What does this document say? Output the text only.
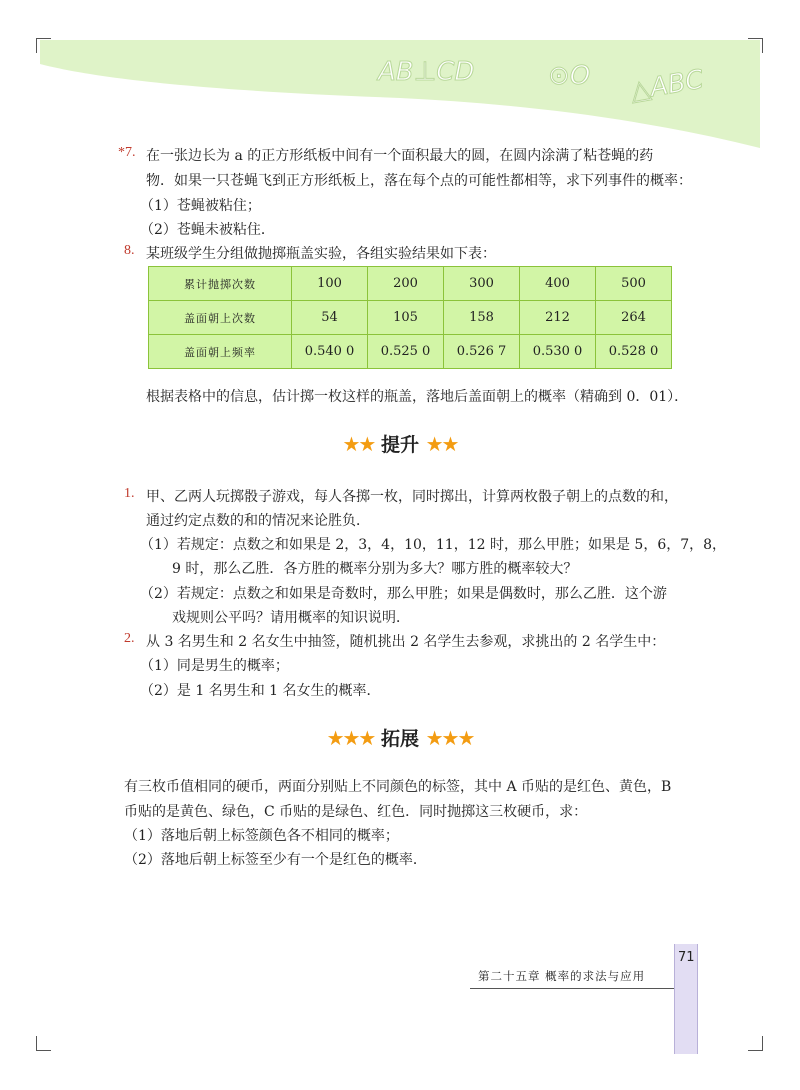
AB⊥CD	⊙O △ABC
*7. 在一张边长为 a 的正方形纸板中间有一个面积最大的圆，在圆内涂满了粘苍蝇的药
物．如果一只苍蝇飞到正方形纸板上，落在每个点的可能性都相等，求下列事件的概率：
（1）苍蝇被粘住；
（2）苍蝇未被粘住．
8. 某班级学生分组做抛掷瓶盖实验，各组实验结果如下表：
累计抛掷次数	100	200	300	400	500
盖面朝上次数	54	105	158	212	264
盖面朝上频率	0.540 0	0.525 0	0.526 7	0.530 0	0.528 0
根据表格中的信息，估计掷一枚这样的瓶盖，落地后盖面朝上的概率（精确到 0．01）．
★★ 提升 ★★
1. 甲、乙两人玩掷骰子游戏，每人各掷一枚，同时掷出，计算两枚骰子朝上的点数的和，
通过约定点数的和的情况来论胜负．
（1）若规定：点数之和如果是 2，3，4，10，11，12 时，那么甲胜；如果是 5，6，7，8，
9 时，那么乙胜．各方胜的概率分别为多大？哪方胜的概率较大？
（2）若规定：点数之和如果是奇数时，那么甲胜；如果是偶数时，那么乙胜．这个游
戏规则公平吗？请用概率的知识说明．
2. 从 3 名男生和 2 名女生中抽签，随机挑出 2 名学生去参观，求挑出的 2 名学生中：
（1）同是男生的概率；
（2）是 1 名男生和 1 名女生的概率．
★★★ 拓展 ★★★
有三枚币值相同的硬币，两面分别贴上不同颜色的标签，其中 A 币贴的是红色、黄色，B
币贴的是黄色、绿色，C 币贴的是绿色、红色．同时抛掷这三枚硬币，求：
（1）落地后朝上标签颜色各不相同的概率；
（2）落地后朝上标签至少有一个是红色的概率．
71
第二十五章 概率的求法与应用
